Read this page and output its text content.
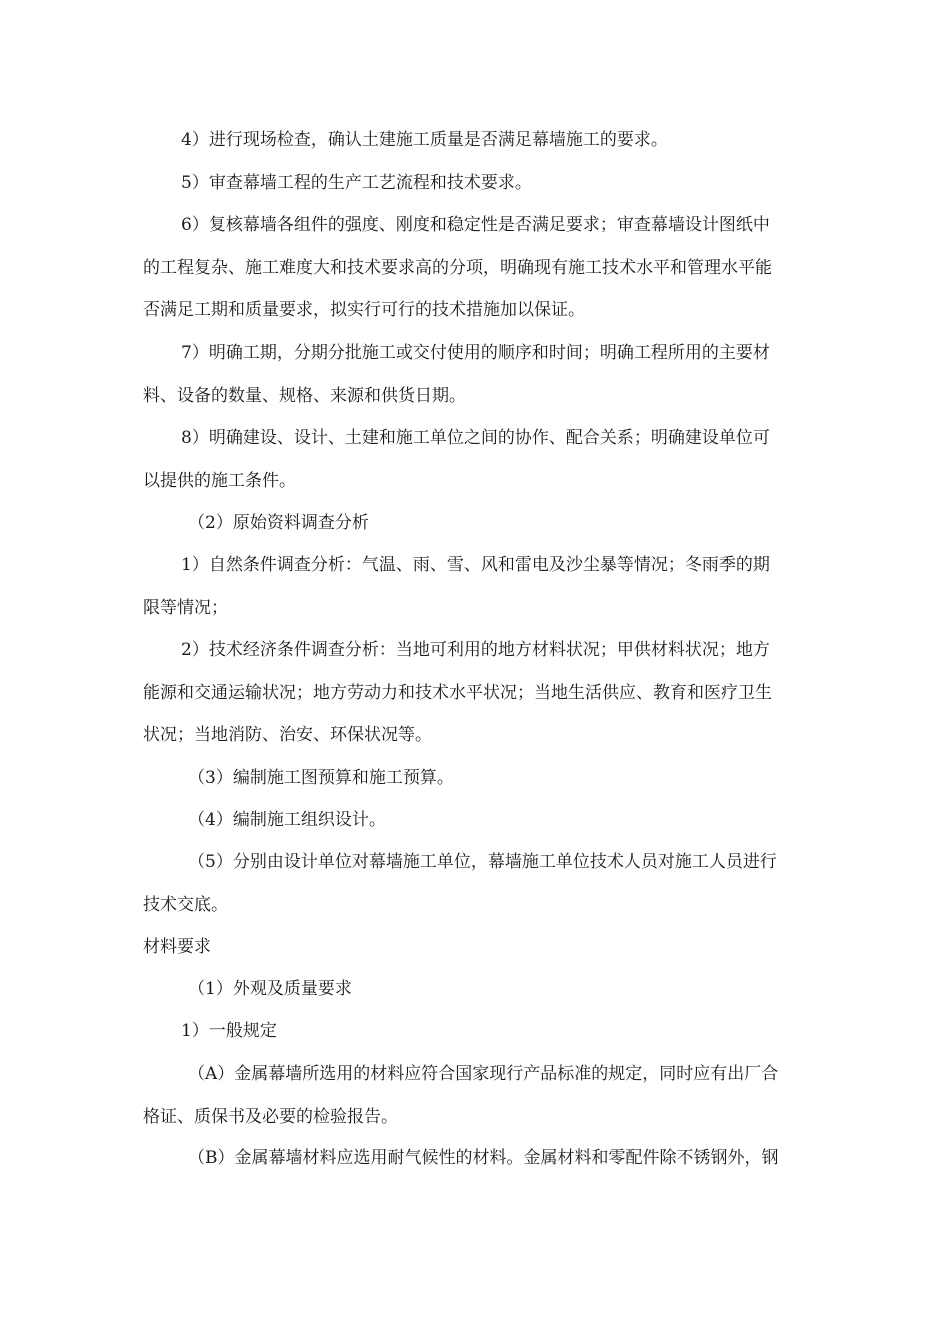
4）进行现场检查，确认土建施工质量是否满足幕墙施工的要求。
5）审查幕墙工程的生产工艺流程和技术要求。
6）复核幕墙各组件的强度、刚度和稳定性是否满足要求；审查幕墙设计图纸中
的工程复杂、施工难度大和技术要求高的分项，明确现有施工技术水平和管理水平能
否满足工期和质量要求，拟实行可行的技术措施加以保证。
7）明确工期，分期分批施工或交付使用的顺序和时间；明确工程所用的主要材
料、设备的数量、规格、来源和供货日期。
8）明确建设、设计、土建和施工单位之间的协作、配合关系；明确建设单位可
以提供的施工条件。
（2）原始资料调查分析
1）自然条件调查分析：气温、雨、雪、风和雷电及沙尘暴等情况；冬雨季的期
限等情况；
2）技术经济条件调查分析：当地可利用的地方材料状况；甲供材料状况；地方
能源和交通运输状况；地方劳动力和技术水平状况；当地生活供应、教育和医疗卫生
状况；当地消防、治安、环保状况等。
（3）编制施工图预算和施工预算。
（4）编制施工组织设计。
（5）分别由设计单位对幕墙施工单位，幕墙施工单位技术人员对施工人员进行
技术交底。
材料要求
（1）外观及质量要求
1）一般规定
（A）金属幕墙所选用的材料应符合国家现行产品标准的规定，同时应有出厂合
格证、质保书及必要的检验报告。
（B）金属幕墙材料应选用耐气候性的材料。金属材料和零配件除不锈钢外，钢
